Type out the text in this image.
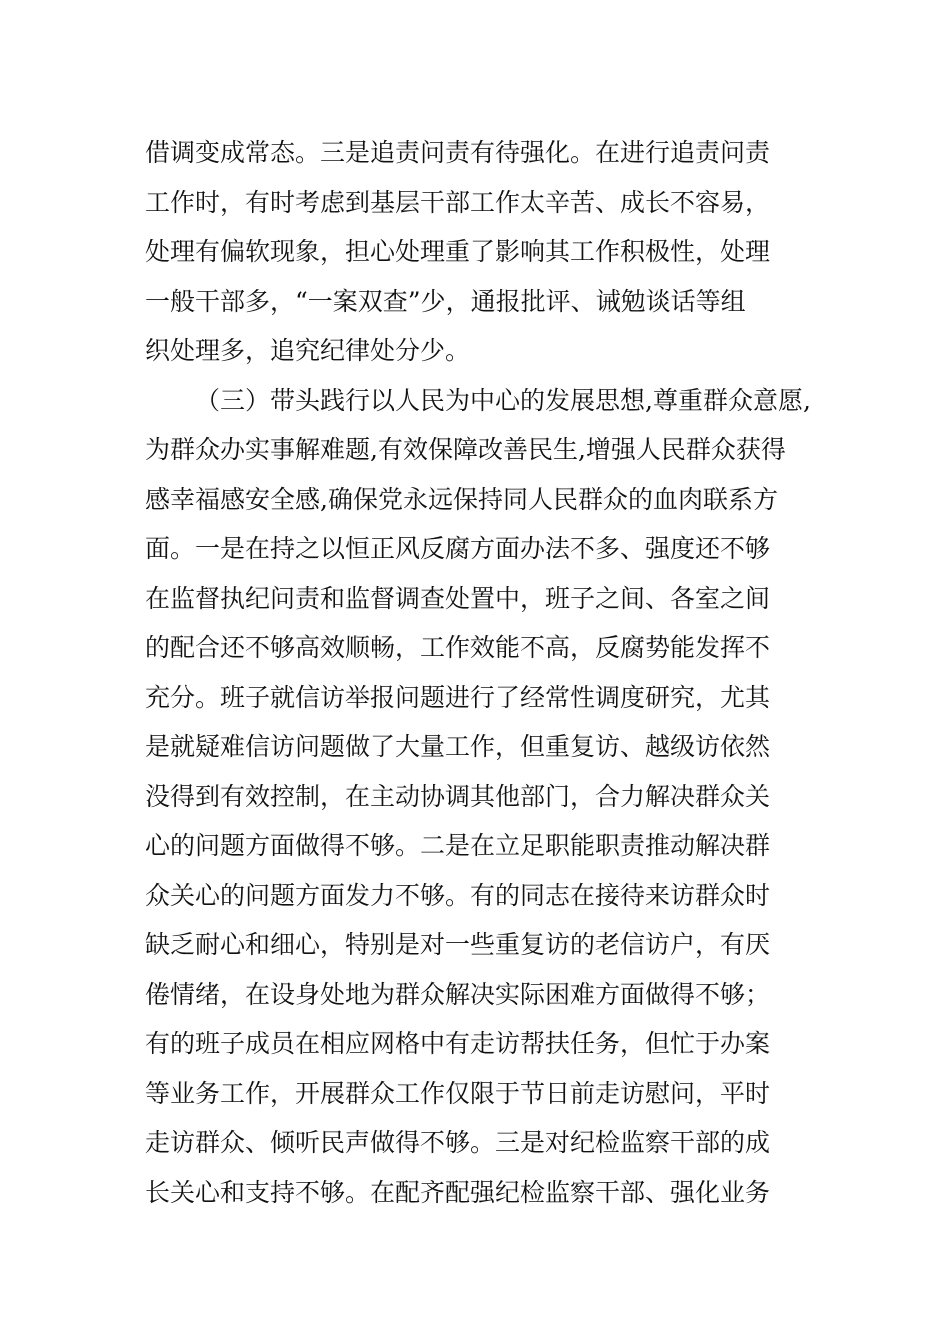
借调变成常态。三是追责问责有待强化。在进行追责问责
工作时，有时考虑到基层干部工作太辛苦、成长不容易，
处理有偏软现象，担心处理重了影响其工作积极性，处理
一般干部多，“一案双查”少，通报批评、诫勉谈话等组
织处理多，追究纪律处分少。
（三）带头践行以人民为中心的发展思想,尊重群众意愿,
为群众办实事解难题,有效保障改善民生,增强人民群众获得
感幸福感安全感,确保党永远保持同人民群众的血肉联系方
面。一是在持之以恒正风反腐方面办法不多、强度还不够
在监督执纪问责和监督调查处置中，班子之间、各室之间
的配合还不够高效顺畅，工作效能不高，反腐势能发挥不
充分。班子就信访举报问题进行了经常性调度研究，尤其
是就疑难信访问题做了大量工作，但重复访、越级访依然
没得到有效控制，在主动协调其他部门，合力解决群众关
心的问题方面做得不够。二是在立足职能职责推动解决群
众关心的问题方面发力不够。有的同志在接待来访群众时
缺乏耐心和细心，特别是对一些重复访的老信访户，有厌
倦情绪，在设身处地为群众解决实际困难方面做得不够；
有的班子成员在相应网格中有走访帮扶任务，但忙于办案
等业务工作，开展群众工作仅限于节日前走访慰问，平时
走访群众、倾听民声做得不够。三是对纪检监察干部的成
长关心和支持不够。在配齐配强纪检监察干部、强化业务
